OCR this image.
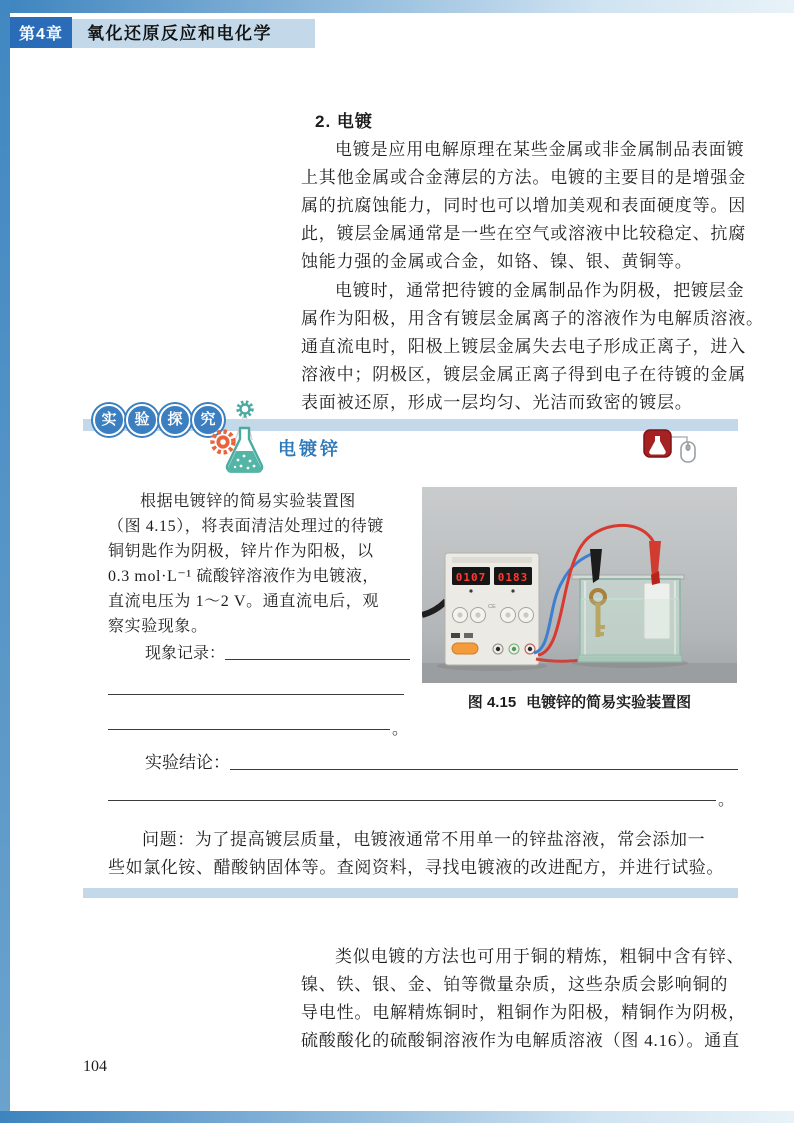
第4章	氧化还原反应和电化学
2. 电镀
电镀是应用电解原理在某些金属或非金属制品表面镀
上其他金属或合金薄层的方法。电镀的主要目的是增强金
属的抗腐蚀能力，同时也可以增加美观和表面硬度等。因
此，镀层金属通常是一些在空气或溶液中比较稳定、抗腐
蚀能力强的金属或合金，如铬、镍、银、黄铜等。
电镀时，通常把待镀的金属制品作为阴极，把镀层金
属作为阳极，用含有镀层金属离子的溶液作为电解质溶液。
通直流电时，阳极上镀层金属失去电子形成正离子，进入
溶液中；阴极区，镀层金属正离子得到电子在待镀的金属
表面被还原，形成一层均匀、光洁而致密的镀层。
实	验	探	究
电镀锌
根据电镀锌的简易实验装置图
（图 4.15），将表面清洁处理过的待镀
铜钥匙作为阴极，锌片作为阳极，以
0.3 mol·L⁻¹ 硫酸锌溶液作为电镀液，
直流电压为 1～2 V。通直流电后，观
察实验现象。
现象记录：
。
0107 0183
CE
图 4.15 电镀锌的简易实验装置图
实验结论：
。
问题：为了提高镀层质量，电镀液通常不用单一的锌盐溶液，常会添加一
些如氯化铵、醋酸钠固体等。查阅资料，寻找电镀液的改进配方，并进行试验。
类似电镀的方法也可用于铜的精炼，粗铜中含有锌、
镍、铁、银、金、铂等微量杂质，这些杂质会影响铜的
导电性。电解精炼铜时，粗铜作为阳极，精铜作为阴极，
硫酸酸化的硫酸铜溶液作为电解质溶液（图 4.16）。通直
104
